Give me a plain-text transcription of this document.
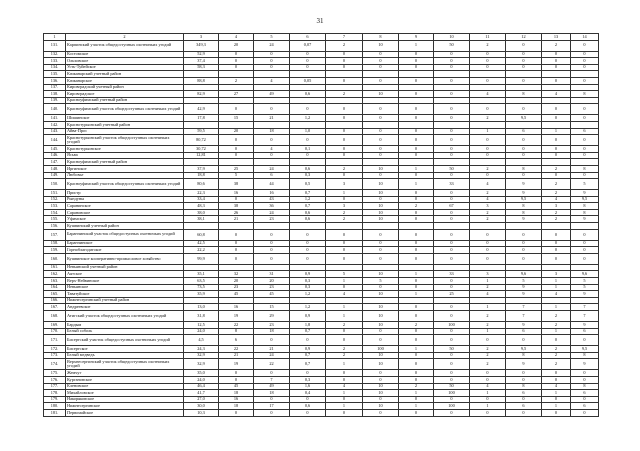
31
1	2	3	4	5	6	7	8	9	10	11	12	13	14
131.	Карпинский участок общедоступных охотничьих угодий	349,3	20	24	0,07	2	10	1	50	2	0	2	0
132.	Костомское	52,9	0	0	0	0	0	0	0	0	0	0	0
133.	Ольховское	37,4	0	0	0	0	0	0	0	0	0	0	0
134.	Усть-Туйейское	58,3	0	0	0	0	0	0	0	0	0	0	0
135.	Качканарский учетный район												
136.	Качканарское	88,8	2	4	0,05	0	0	0	0	0	0	0	0
137.	Кировградский учетный район												
138.	Кировградское	82,9	27	49	0,6	2	10	0	0	4	8	4	8
139.	Красноуфимский учетный район												
140.	Красноуфимский участок общедоступных охотничьих угодий	42,9	0	0	0	0	0	0	0	0	0	0	0
141.	Шишинское	17,8	15	21	1,2	0	0	0	0	2	9,5	0	0
142.	Краснотурьинский учетный район												
143.	Айва-Прос	59,5	20	18	1,0	0	0	0	0	1	6	1	6
144.	Краснотурьинский участок общедоступных охотничьих угодий	80,72	0	0	0	0	0	0	0	0	0	0	0
145.	Краснотурьинское	30,72	0	4	0,1	0	0	0	0	0	0	0	0
146.	Ясьва	12,81	0	0	0	0	0	0	0	0	0	0	0
147.	Красноуфимский учетный район												
148.	Иргинское	37,9	25	24	0,6	2	10	1	50	2	8	2	8
149.	Любовье	18,8	5	6	0,3	0	0	0	0	0	0	0	0
150.	Красноуфимский участок общедоступных охотничьих угодий	80,6	38	44	0,5	3	10	1	33	4	9	2	5
151.	Пристр	22,3	16	16	0,7	1	10	0	0	2	9	2	9
152.	Рындуны	33,4	0	43	1,2	0	0	0	0	4	9,5	4	9,5
153.	Саранинское	48,3	38	36	0,7	3	10	2	67	3	8	3	8
154.	Сарановское	38,0	26	24	0,6	2	10	0	0	2	8	2	8
155.	Уфимское	38,1	21	23	0,6	2	10	0	0	2	9	2	9
156.	Кушвинский учетный район												
157.	Баранчинский участок общедоступных охотничьих угодий	60,8	0	0	0	0	0	0	0	0	0	0	0
158.	Баранчинское	42,5	0	0	0	0	0	0	0	0	0	0	0
159.	Горноблагодатское	22,2	0	0	0	0	0	0	0	0	0	0	0
160.	Кушвинское кооперативно-промысловое хозяйство	99,9	0	0	0	0	0	0	0	0	0	0	0
161.	Невьянский учетный район												
162.	Аятское	35,1	32	31	0,9	5	10	1	33	3	9,6	3	9,6
163.	Верх-Нейвинское	63,5	20	20	0,3	1	5	0	0	1	5	1	5
164.	Невьянское	73,5	23	23	0,3	0	0	0	0	2	9	1	5
165.	Таватуйское	35,9	45	45	1,2	4	10	1	25	4	9	4	9
166.	Нижнесергинский учетный район												
167.	Андреевское	13,0	16	15	1,2	1	10	0	0	1	7	1	7
168.	Атигский участок общедоступных охотничьих угодий	31,8	19	29	0,9	1	10	0	0	2	7	2	7
169.	Бардым	12,5	22	23	1,8	2	10	2	100	2	9	2	9
170.	Белый соболь	24,0	8	18	0,7	0	0	0	0	1	6	1	6
171.	Бисертский участок общедоступных охотничьих угодий	4,5	6	0	0	0	0	0	0	0	0	0	0
172.	Бисертское	24,3	22	21	0,9	2	100	1	50	2	9,5	2	9,5
173.	Белый медведь	32,9	21	24	0,7	2	10	0	0	2	8	2	8
174.	Верхнесергинский участок общедоступных охотничьих угодий	32,9	19	22	0,7	1	10	0	0	2	9	2	9
175.	Жемчуг	35,0	0	0	0	0	0	0	0	0	0	0	0
176.	Кургановское	24,0	0	7	0,3	0	0	0	0	0	0	0	0
177.	Кленовское	46,4	45	49	1,6	4	10	2	50	4	8	4	8
178.	Михайловское	41,7	18	18	0,4	1	10	1	100	1	6	1	6
179.	Накоряковское	27,0	16	0	0	0	0	0	0	0	0	0	0
180.	Нижнесергинское	30,0	18	17	0,6	1	10	1	100	1	6	1	6
181.	Первомайское	10,3	0	0	0	0	0	0	0	0	0	0	0
